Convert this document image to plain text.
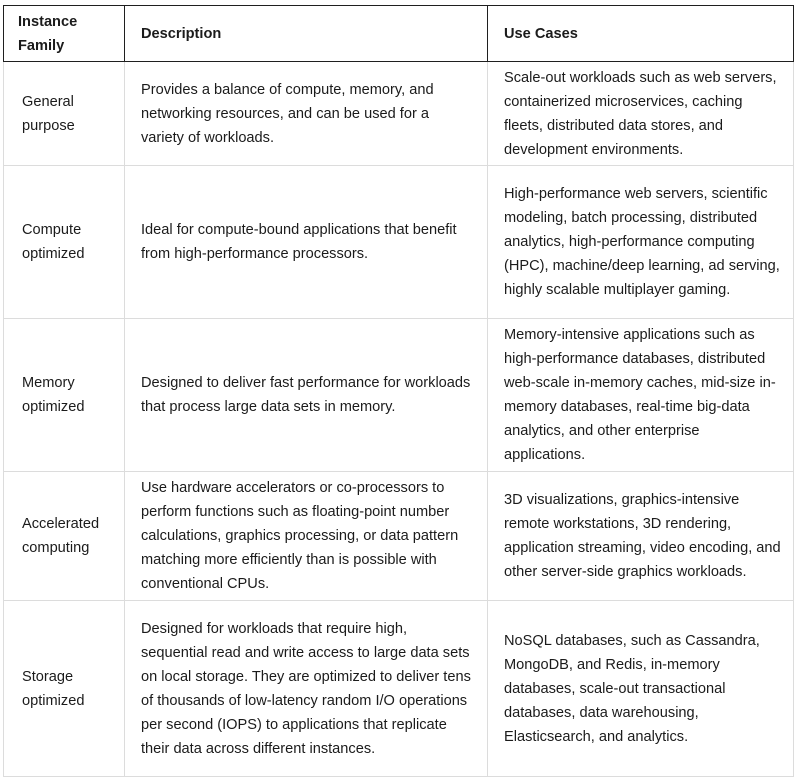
Instance Family	Description	Use Cases
General purpose	Provides a balance of compute, memory, and networking resources, and can be used for a variety of workloads.	Scale-out workloads such as web servers, containerized microservices, caching fleets, distributed data stores, and development environments.

Compute optimized	Ideal for compute-bound applications that benefit from high-performance processors.	High-performance web servers, scientific modeling, batch processing, distributed analytics, high-performance computing (HPC), machine/deep learning, ad serving, highly scalable multiplayer gaming.

Memory optimized	Designed to deliver fast performance for workloads that process large data sets in memory.	Memory-intensive applications such as high-performance databases, distributed web-scale in-memory caches, mid-size in-memory databases, real-time big-data analytics, and other enterprise applications.

Accelerated computing	Use hardware accelerators or co-processors to perform functions such as floating-point number calculations, graphics processing, or data pattern matching more efficiently than is possible with conventional CPUs.	3D visualizations, graphics-intensive remote workstations, 3D rendering, application streaming, video encoding, and other server-side graphics workloads.

Storage optimized	Designed for workloads that require high, sequential read and write access to large data sets on local storage. They are optimized to deliver tens of thousands of low-latency random I/O operations per second (IOPS) to applications that replicate their data across different instances.	NoSQL databases, such as Cassandra, MongoDB, and Redis, in-memory databases, scale-out transactional databases, data warehousing, Elasticsearch, and analytics.
